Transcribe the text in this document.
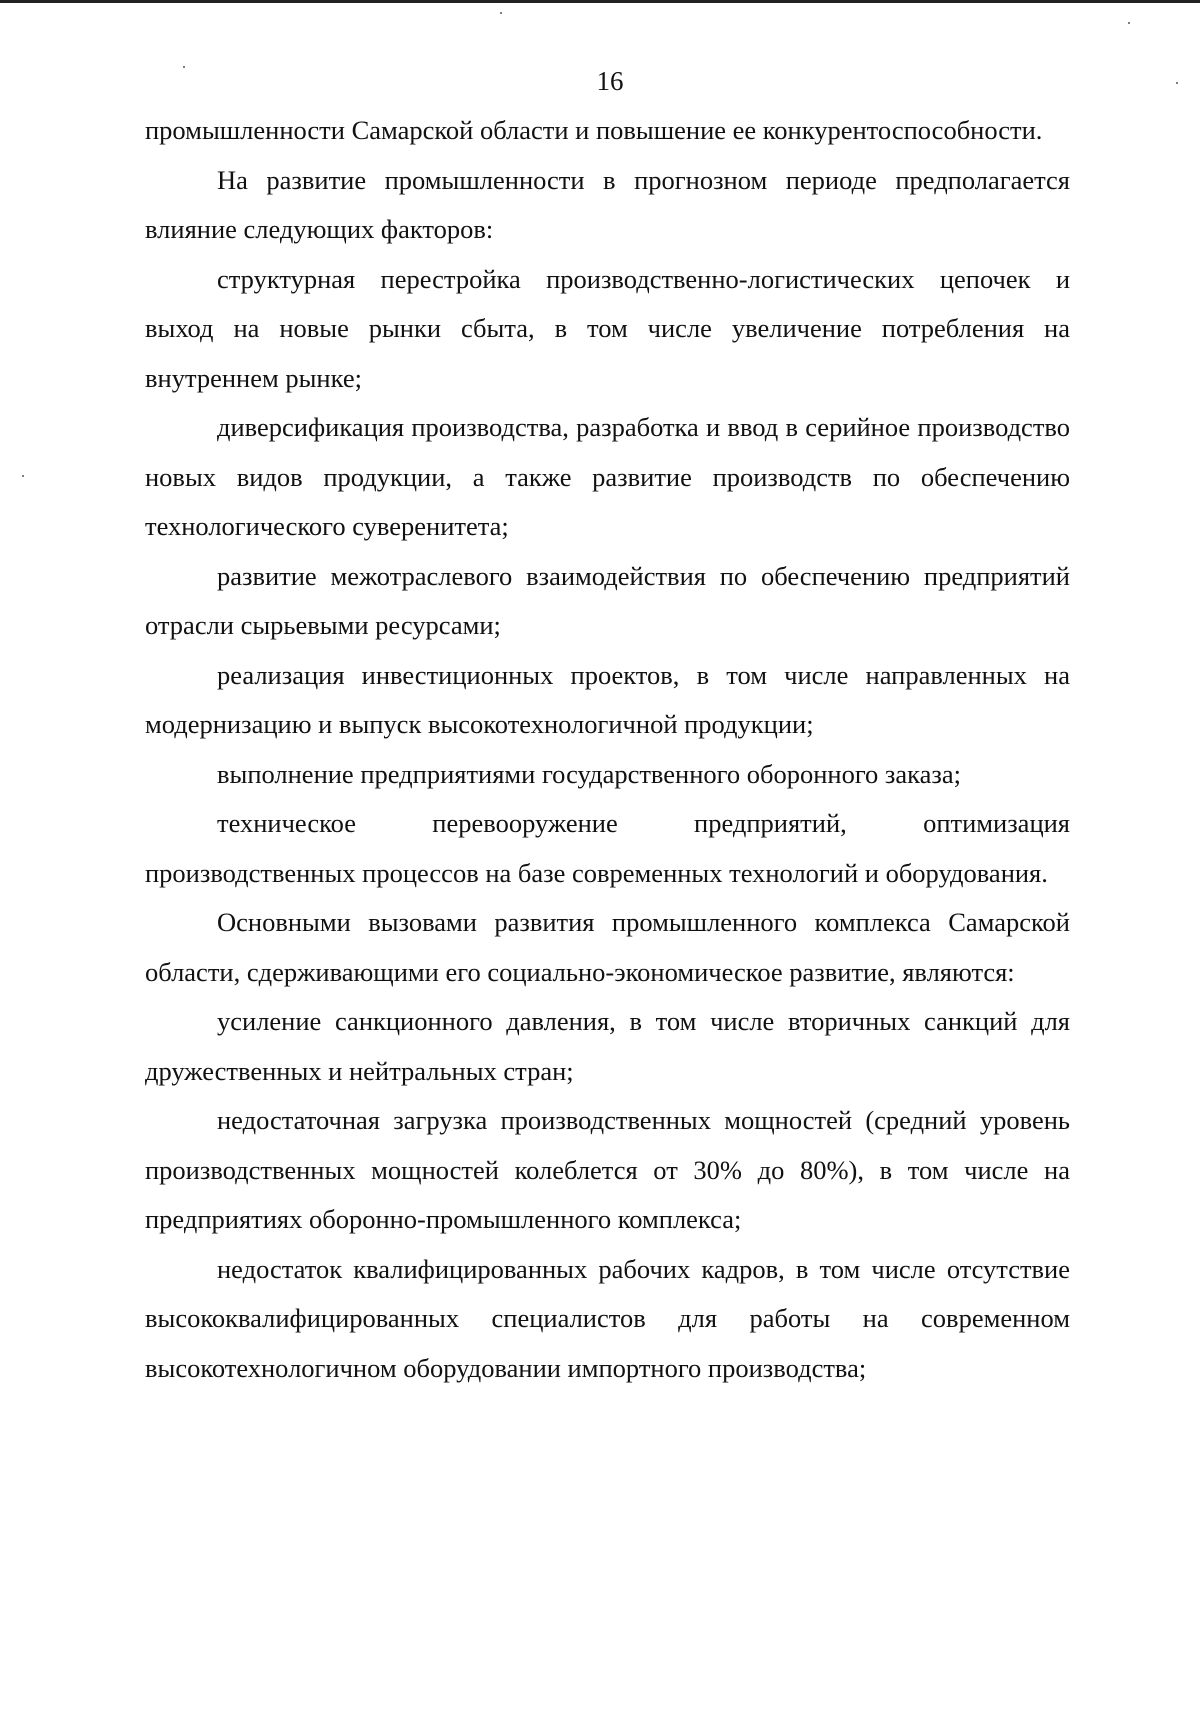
16

промышленности Самарской области и повышение ее конкурентоспособности.

На развитие промышленности в прогнозном периоде предполагается влияние следующих факторов:

структурная перестройка производственно-логистических цепочек и выход на новые рынки сбыта, в том числе увеличение потребления на внутреннем рынке;

диверсификация производства, разработка и ввод в серийное производство новых видов продукции, а также развитие производств по обеспечению технологического суверенитета;

развитие межотраслевого взаимодействия по обеспечению предприятий отрасли сырьевыми ресурсами;

реализация инвестиционных проектов, в том числе направленных на модернизацию и выпуск высокотехнологичной продукции;

выполнение предприятиями государственного оборонного заказа;

техническое перевооружение предприятий, оптимизация производственных процессов на базе современных технологий и оборудования.

Основными вызовами развития промышленного комплекса Самарской области, сдерживающими его социально-экономическое развитие, являются:

усиление санкционного давления, в том числе вторичных санкций для дружественных и нейтральных стран;

недостаточная загрузка производственных мощностей (средний уровень производственных мощностей колеблется от 30% до 80%), в том числе на предприятиях оборонно-промышленного комплекса;

недостаток квалифицированных рабочих кадров, в том числе отсутствие высококвалифицированных специалистов для работы на современном высокотехнологичном оборудовании импортного производства;
